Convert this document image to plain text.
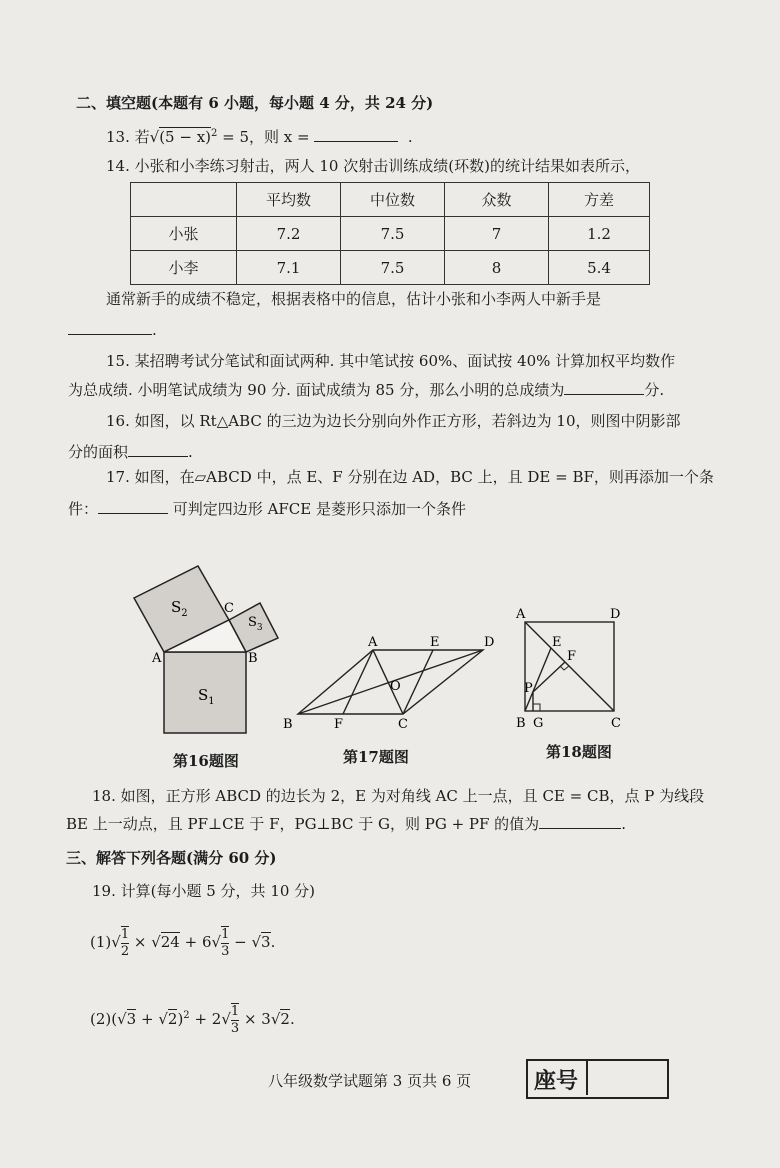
二、填空题(本题有 6 小题，每小题 4 分，共 24 分)
13. 若$√(5 - x)^2 = 5$，则 x =	.
14. 小张和小李练习射击，两人 10 次射击训练成绩(环数)的统计结果如表所示，
	平均数	中位数	众数	方差
小张	7.2	7.5	7	1.2
小李	7.1	7.5	8	5.4
通常新手的成绩不稳定，根据表格中的信息，估计小张和小李两人中新手是
.
15. 某招聘考试分笔试和面试两种. 其中笔试按 60%、面试按 40% 计算加权平均数作
为总成绩. 小明笔试成绩为 90 分. 面试成绩为 85 分，那么小明的总成绩为	分.
16. 如图，以 Rt△ABC 的三边为边长分别向外作正方形，若斜边为 10，则图中阴影部
分的面积	.
17. 如图，在▱ABCD 中，点 E、F 分别在边 AD，BC 上，且 DE = BF，则再添加一个条
件：	可判定四边形 AFCE 是菱形只添加一个条件
$S_1$
$S_2$
$S_3$
A	B
C
第16题图
A	E	D
O
B	F	C
第17题图
A	D
E
F
P
B G	C
第18题图
18. 如图，正方形 ABCD 的边长为 2，E 为对角线 AC 上一点，且 CE = CB，点 P 为线段
BE 上一动点，且 PF⊥CE 于 F，PG⊥BC 于 G，则 PG + PF 的值为	.
三、解答下列各题(满分 60 分)
19. 计算(每小题 5 分，共 10 分)
$(1)√ \frac{1}{2} \times √24 + 6√ \frac{1}{3} - √3$.
$(2)(√3 + √2)^2 + 2√ \frac{1}{3} \times 3√2$.
八年级数学试题第 3 页共 6 页	座号
